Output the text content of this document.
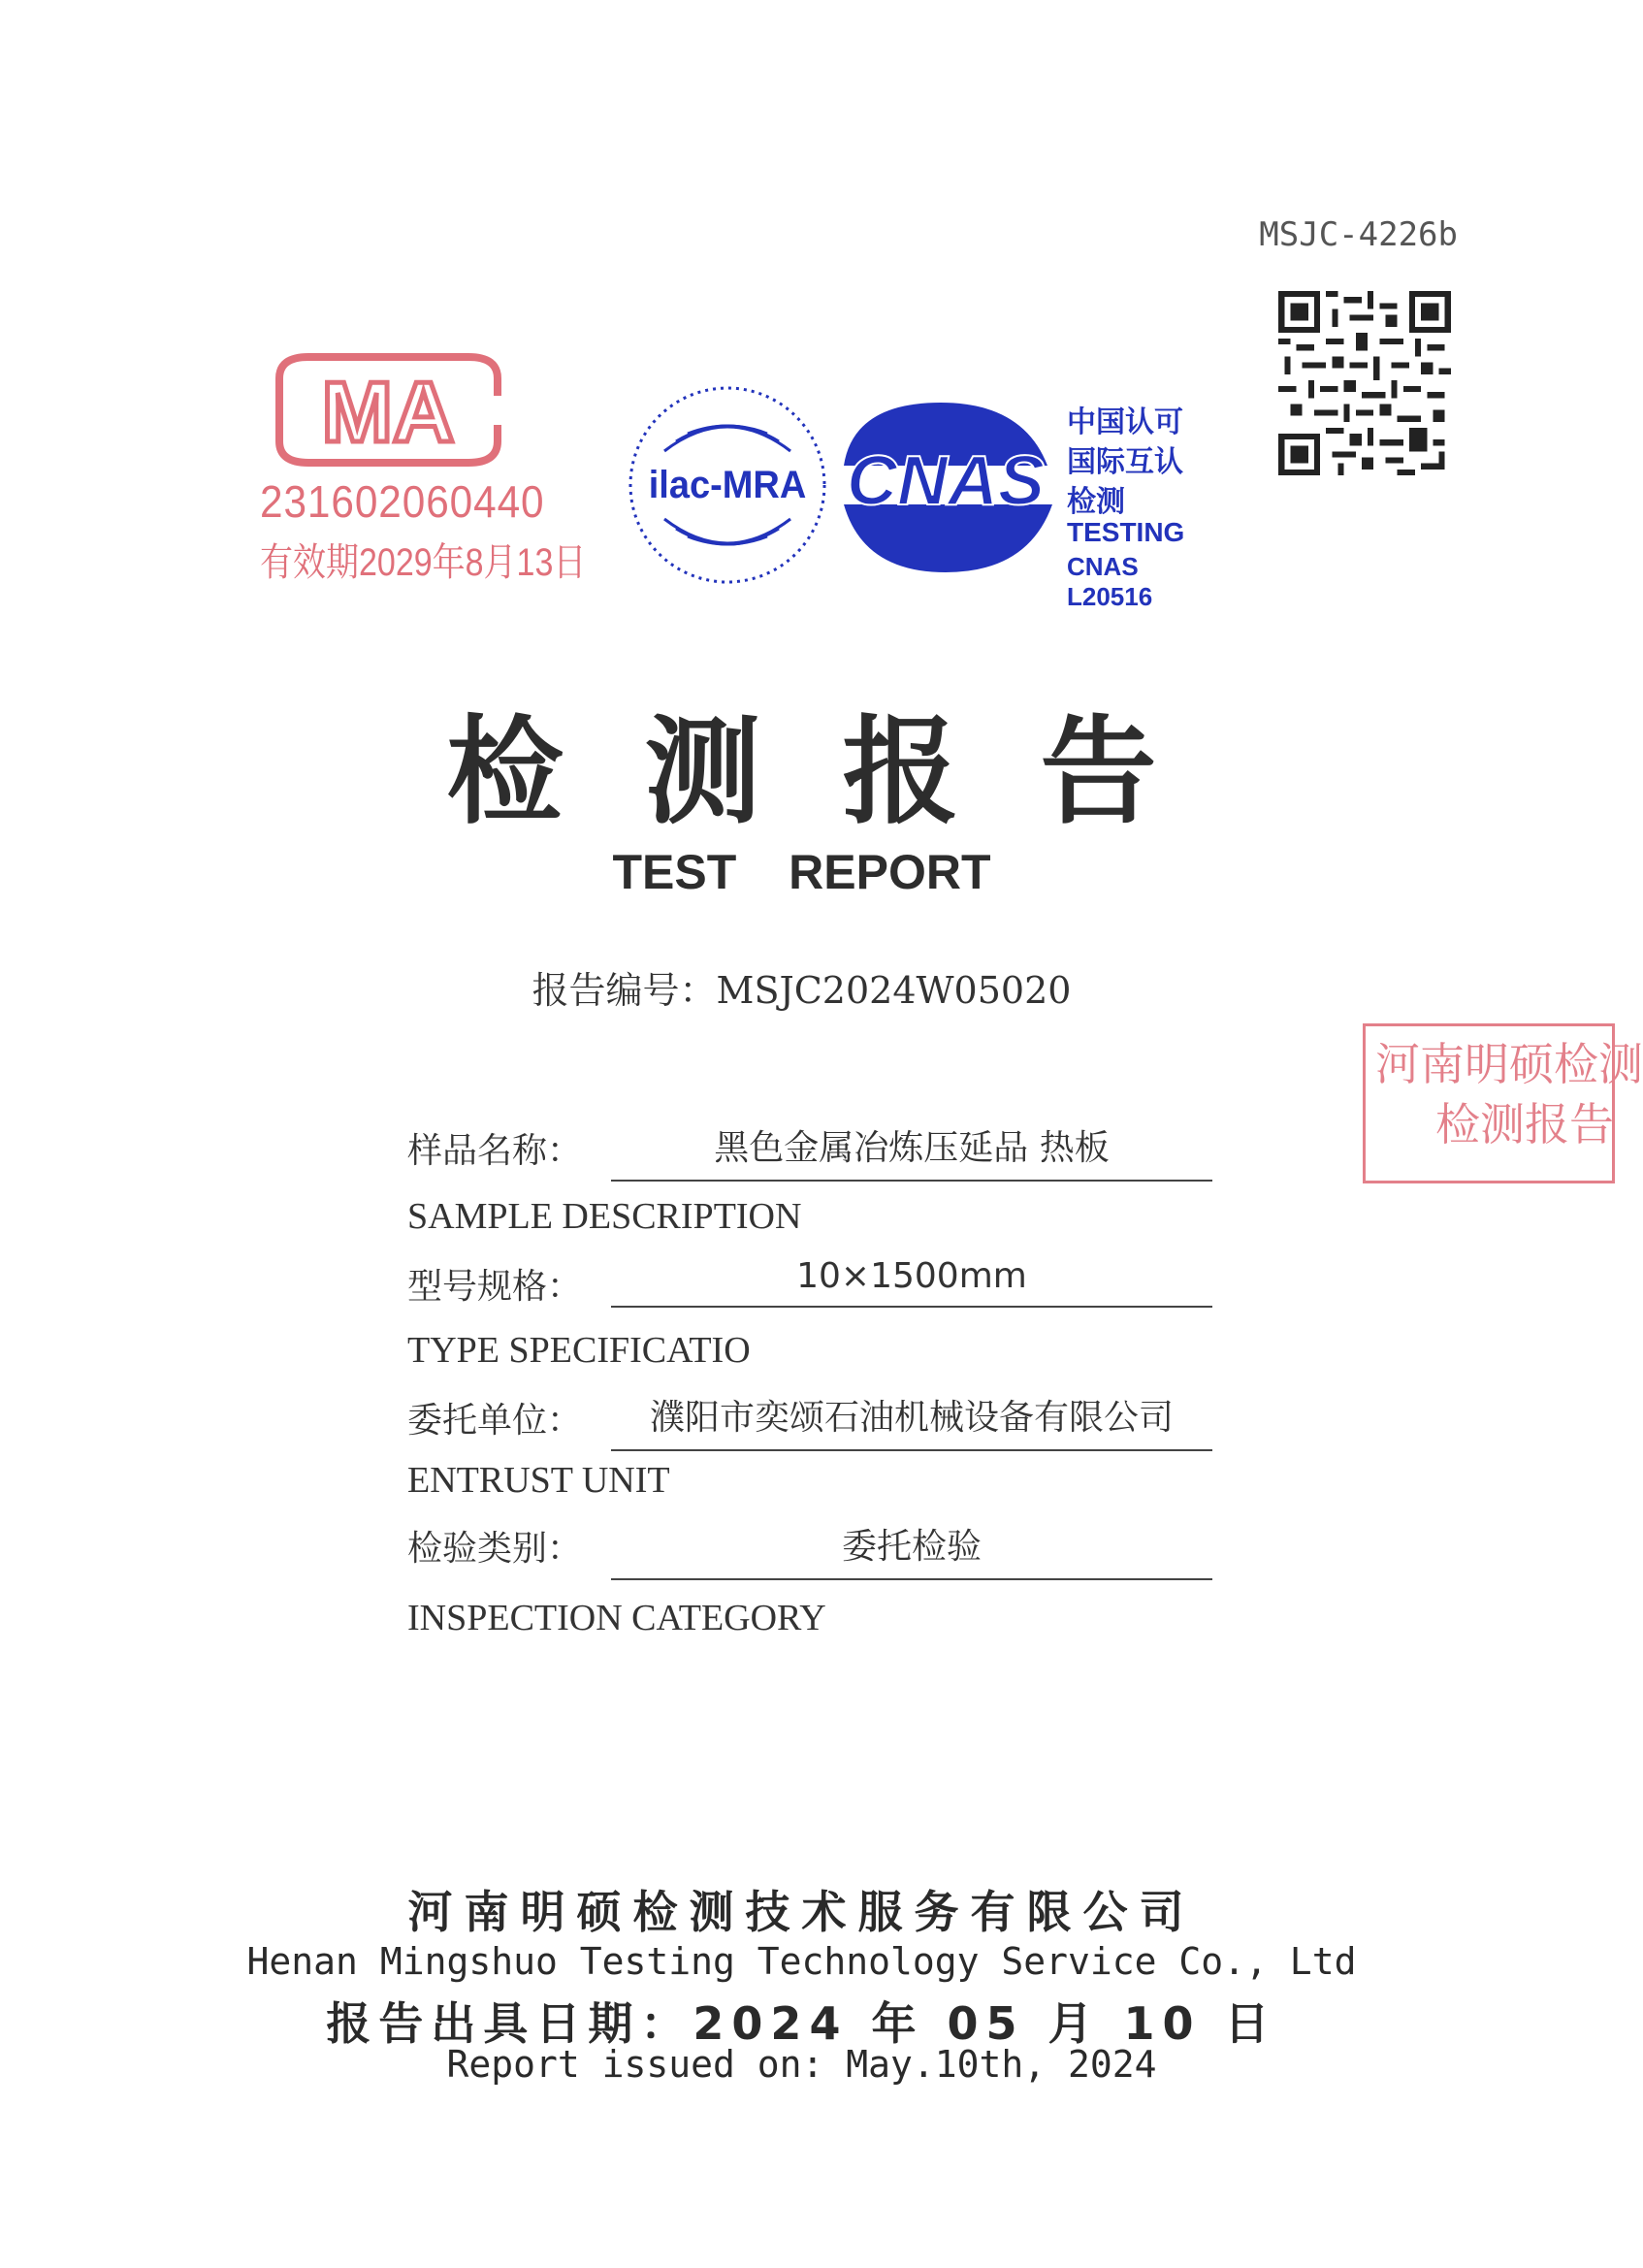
MSJC-4226b
MA
231602060440
有效期2029年8月13日
ilac-MRA CNAS
中国认可
国际互认
检测
TESTING
CNAS L20516
检 测 报 告
TEST REPORT
报告编号：MSJC2024W05020
样品名称：	黑色金属冶炼压延品 热板
SAMPLE DESCRIPTION
型号规格：	10×1500mm
TYPE SPECIFICATIO
委托单位：	濮阳市奕颂石油机械设备有限公司
ENTRUST UNIT
检验类别：	委托检验
INSPECTION CATEGORY
河南明硕检测
检测报告
河南明硕检测技术服务有限公司
Henan Mingshuo Testing Technology Service Co., Ltd
报告出具日期：2024 年 05 月 10 日
Report issued on: May.10th, 2024
